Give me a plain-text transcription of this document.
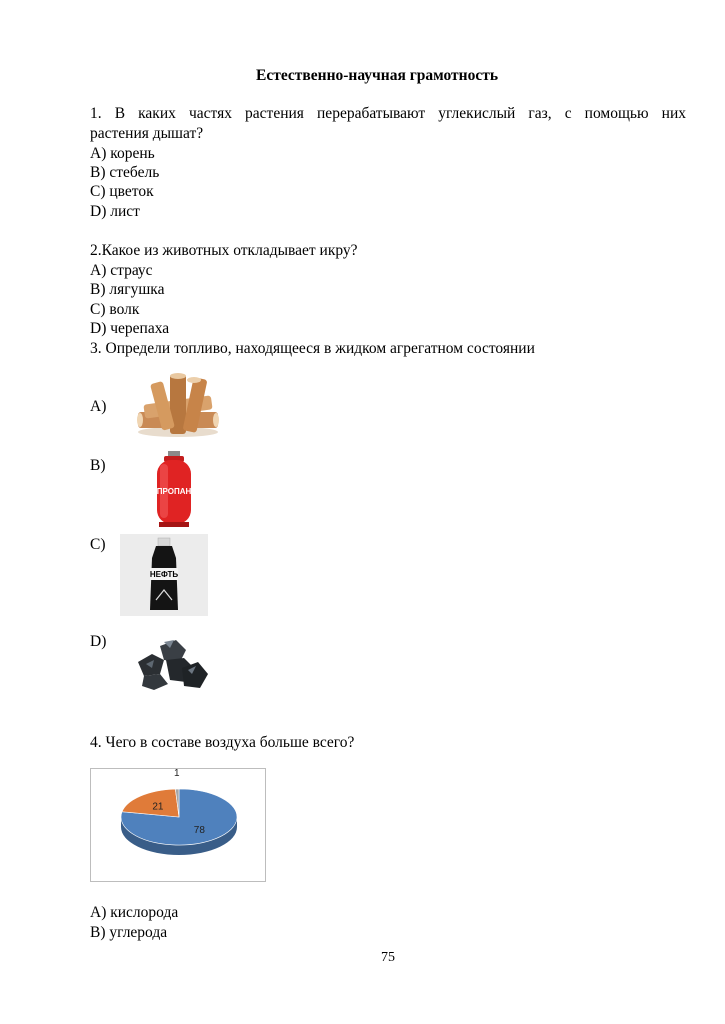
Естественно-научная грамотность
1. В каких частях растения перерабатывают углекислый газ, с помощью них
растения дышат?
А) корень
В) стебель
С) цветок
D) лист
2.Какое из животных откладывает икру?
А) страус
В) лягушка
С) волк
D) черепаха
3. Определи топливо, находящееся в жидком агрегатном состоянии
А)
В)
ПРОПАН
С)
НЕФТЬ
D)
4. Чего в составе воздуха больше всего?
78
21
1
А) кислорода
В) углерода
75
